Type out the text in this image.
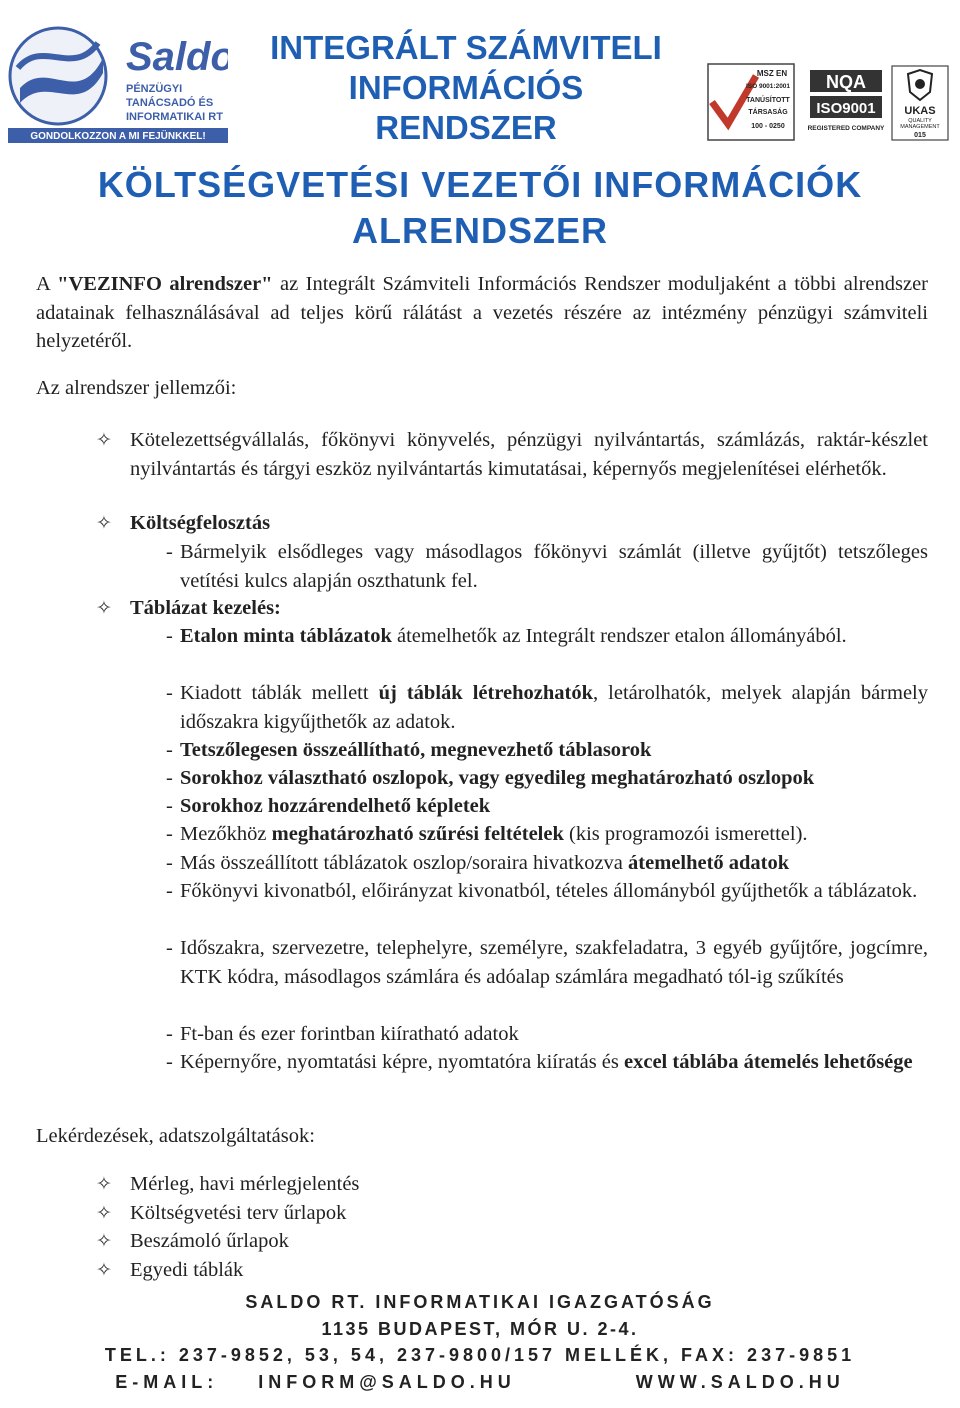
Saldo
PÉNZÜGYI
TANÁCSADÓ ÉS
INFORMATIKAI RT
GONDOLKOZZON A MI FEJÜNKKEL!
INTEGRÁLT SZÁMVITELI
INFORMÁCIÓS
RENDSZER
MSZ EN
ISO 9001:2001
TANÚSÍTOTT
TÁRSASÁG
100 - 0250
NQA
ISO9001
REGISTERED COMPANY
UKAS
QUALITY
MANAGEMENT
015
KÖLTSÉGVETÉSI VEZETŐI INFORMÁCIÓK
ALRENDSZER
A "VEZINFO alrendszer" az Integrált Számviteli Információs Rendszer moduljaként a többi alrendszer adatainak felhasználásával ad teljes körű rálátást a vezetés részére az intézmény pénzügyi számviteli helyzetéről.
Az alrendszer jellemzői:
✧ Kötelezettségvállalás, főkönyvi könyvelés, pénzügyi nyilvántartás, számlázás, raktár-készlet nyilvántartás és tárgyi eszköz nyilvántartás kimutatásai, képernyős megjelenítései elérhetők.
✧ Költségfelosztás
- Bármelyik elsődleges vagy másodlagos főkönyvi számlát (illetve gyűjtőt) tetszőleges vetítési kulcs alapján oszthatunk fel.
✧ Táblázat kezelés:
- Etalon minta táblázatok átemelhetők az Integrált rendszer etalon állományából.
- Kiadott táblák mellett új táblák létrehozhatók, letárolhatók, melyek alapján bármely időszakra kigyűjthetők az adatok.
- Tetszőlegesen összeállítható, megnevezhető táblasorok
- Sorokhoz választható oszlopok, vagy egyedileg meghatározható oszlopok
- Sorokhoz hozzárendelhető képletek
- Mezőkhöz meghatározható szűrési feltételek (kis programozói ismerettel).
- Más összeállított táblázatok oszlop/soraira hivatkozva átemelhető adatok
- Főkönyvi kivonatból, előirányzat kivonatból, tételes állományból gyűjthetők a táblázatok.
- Időszakra, szervezetre, telephelyre, személyre, szakfeladatra, 3 egyéb gyűjtőre, jogcímre, KTK kódra, másodlagos számlára és adóalap számlára megadható tól-ig szűkítés
- Ft-ban és ezer forintban kiíratható adatok
- Képernyőre, nyomtatási képre, nyomtatóra kiíratás és excel táblába átemelés lehetősége
Lekérdezések, adatszolgáltatások:
✧ Mérleg, havi mérlegjelentés
✧ Költségvetési terv űrlapok
✧ Beszámoló űrlapok
✧ Egyedi táblák
SALDO RT. INFORMATIKAI IGAZGATÓSÁG
1135 BUDAPEST, MÓR U. 2-4.
TEL.: 237-9852, 53, 54, 237-9800/157 MELLÉK, FAX: 237-9851
E-MAIL: INFORM@SALDO.HU	WWW.SALDO.HU
